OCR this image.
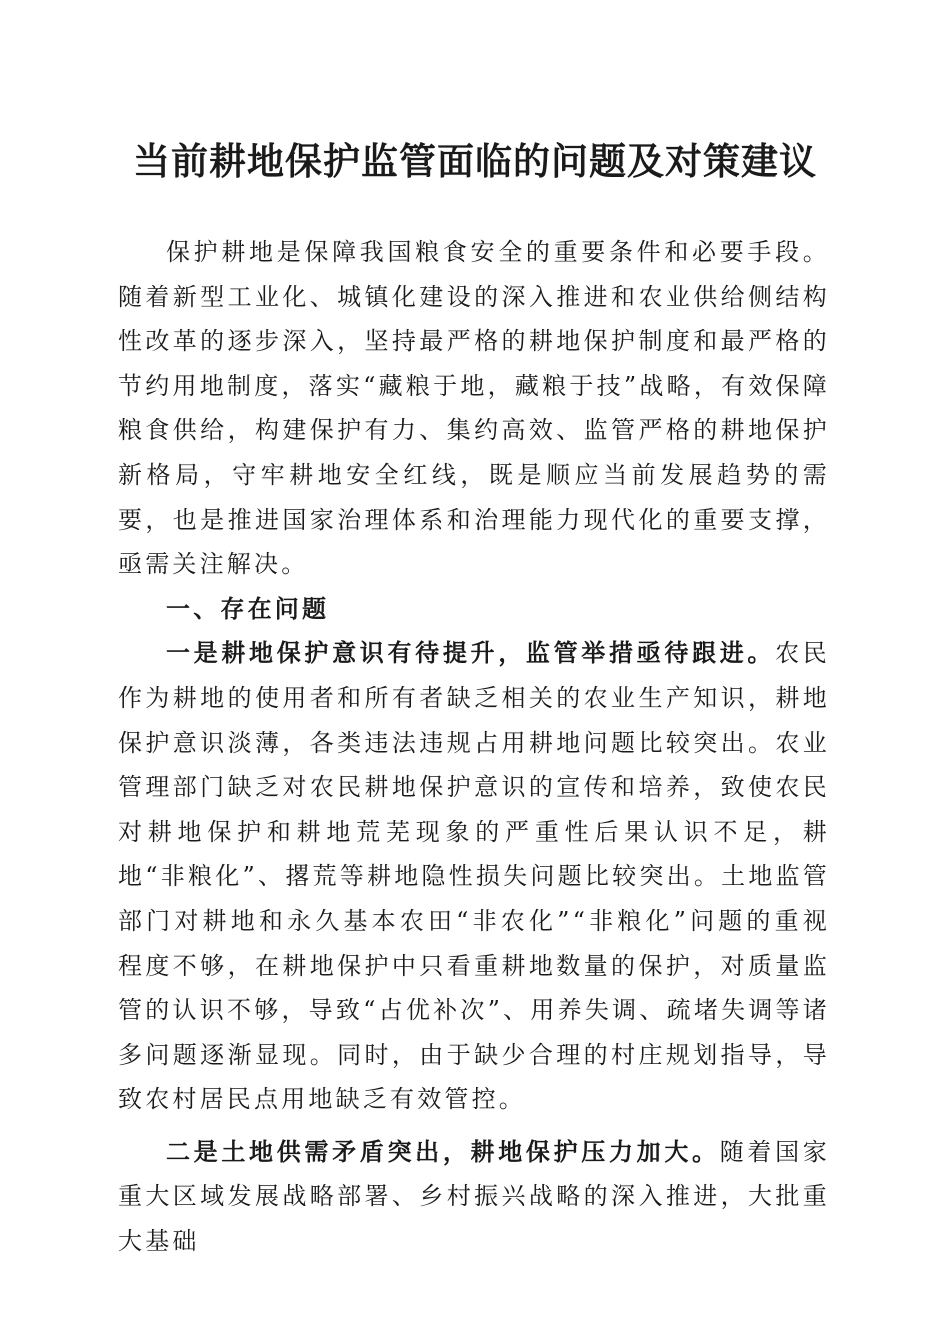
当前耕地保护监管面临的问题及对策建议

保护耕地是保障我国粮食安全的重要条件和必要手段。随着新型工业化、城镇化建设的深入推进和农业供给侧结构性改革的逐步深入，坚持最严格的耕地保护制度和最严格的节约用地制度，落实“藏粮于地，藏粮于技”战略，有效保障粮食供给，构建保护有力、集约高效、监管严格的耕地保护新格局，守牢耕地安全红线，既是顺应当前发展趋势的需要，也是推进国家治理体系和治理能力现代化的重要支撑，亟需关注解决。

一、存在问题

一是耕地保护意识有待提升，监管举措亟待跟进。农民作为耕地的使用者和所有者缺乏相关的农业生产知识，耕地保护意识淡薄，各类违法违规占用耕地问题比较突出。农业管理部门缺乏对农民耕地保护意识的宣传和培养，致使农民对耕地保护和耕地荒芜现象的严重性后果认识不足，耕地“非粮化”、撂荒等耕地隐性损失问题比较突出。土地监管部门对耕地和永久基本农田“非农化”“非粮化”问题的重视程度不够，在耕地保护中只看重耕地数量的保护，对质量监管的认识不够，导致“占优补次”、用养失调、疏堵失调等诸多问题逐渐显现。同时，由于缺少合理的村庄规划指导，导致农村居民点用地缺乏有效管控。

二是土地供需矛盾突出，耕地保护压力加大。随着国家重大区域发展战略部署、乡村振兴战略的深入推进，大批重大基础
